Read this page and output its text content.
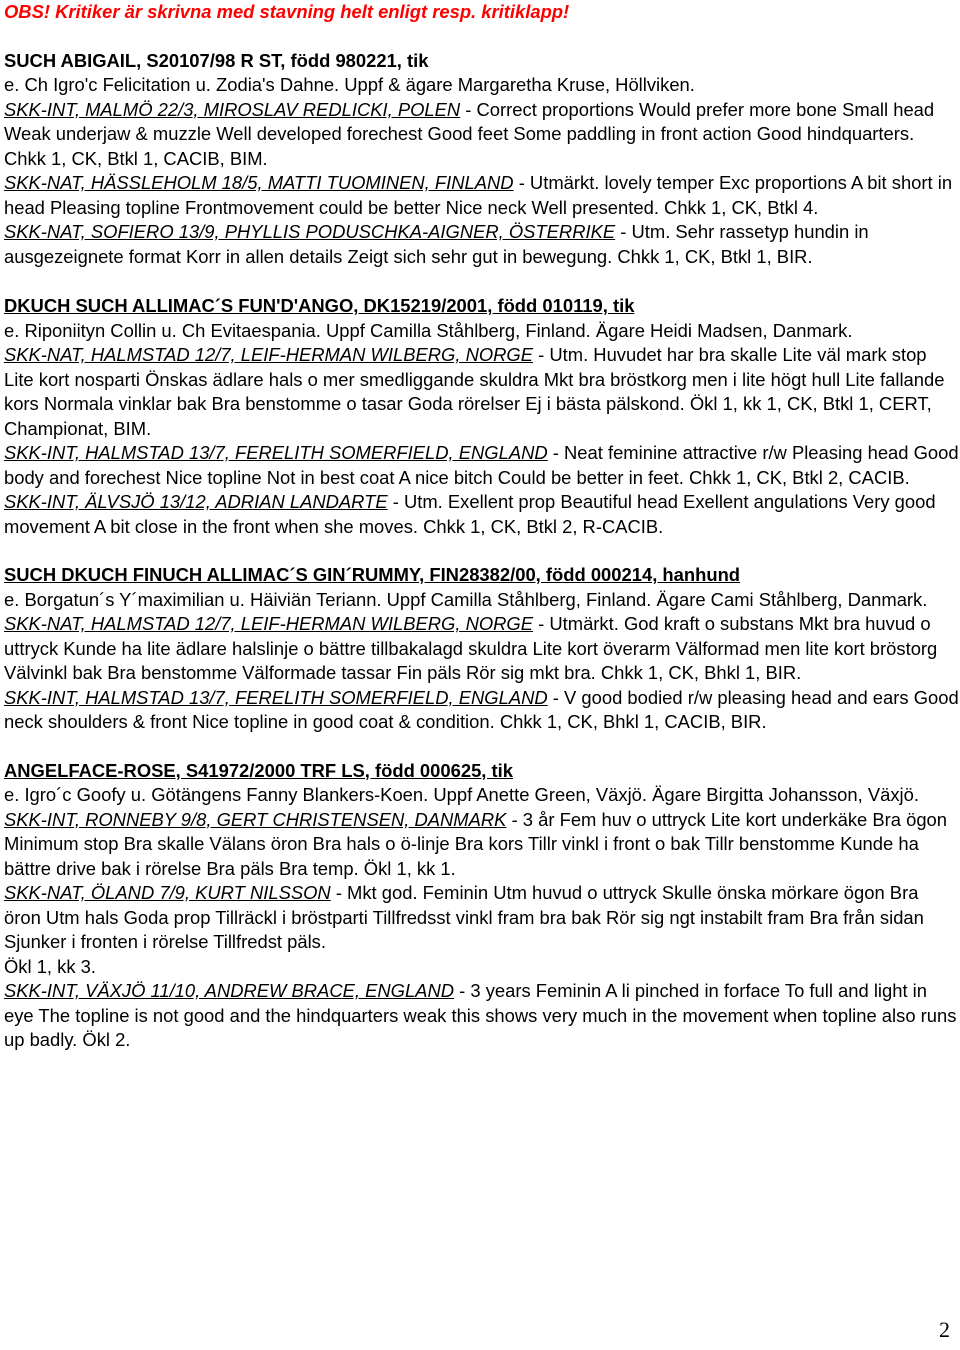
OBS! Kritiker är skrivna med stavning helt enligt resp. kritiklapp!

SUCH ABIGAIL, S20107/98 R ST, född 980221, tik

e. Ch Igro'c Felicitation u. Zodia's Dahne. Uppf & ägare Margaretha Kruse, Höllviken.

SKK-INT, MALMÖ 22/3, MIROSLAV REDLICKI, POLEN - Correct proportions Would prefer more bone Small head Weak underjaw & muzzle Well developed forechest Good feet Some paddling in front action Good hindquarters. Chkk 1, CK, Btkl 1, CACIB, BIM.

SKK-NAT, HÄSSLEHOLM 18/5, MATTI TUOMINEN, FINLAND - Utmärkt. lovely temper Exc proportions A bit short in head Pleasing topline Frontmovement could be better Nice neck Well presented. Chkk 1, CK, Btkl 4.

SKK-NAT, SOFIERO 13/9, PHYLLIS PODUSCHKA-AIGNER, ÖSTERRIKE - Utm. Sehr rassetyp hundin in ausgezeignete format Korr in allen details Zeigt sich sehr gut in bewegung. Chkk 1, CK, Btkl 1, BIR.

DKUCH SUCH ALLIMAC´S FUN'D'ANGO, DK15219/2001, född 010119, tik

e. Riponiityn Collin u. Ch Evitaespania. Uppf Camilla Ståhlberg, Finland. Ägare Heidi Madsen, Danmark.

SKK-NAT, HALMSTAD 12/7, LEIF-HERMAN WILBERG, NORGE - Utm. Huvudet har bra skalle Lite väl mark stop Lite kort nosparti Önskas ädlare hals o mer smedliggande skuldra Mkt bra bröstkorg men i lite högt hull Lite fallande kors Normala vinklar bak Bra benstomme o tasar Goda rörelser Ej i bästa pälskond. Ökl 1, kk 1, CK, Btkl 1, CERT, Championat, BIM.

SKK-INT, HALMSTAD 13/7, FERELITH SOMERFIELD, ENGLAND - Neat feminine attractive r/w Pleasing head Good body and forechest Nice topline Not in best coat A nice bitch Could be better in feet. Chkk 1, CK, Btkl 2, CACIB.

SKK-INT, ÄLVSJÖ 13/12, ADRIAN LANDARTE - Utm. Exellent prop Beautiful head Exellent angulations Very good movement A bit close in the front when she moves. Chkk 1, CK, Btkl 2, R-CACIB.

SUCH DKUCH FINUCH ALLIMAC´S GIN´RUMMY, FIN28382/00, född 000214, hanhund

e. Borgatun´s Y´maximilian u. Häiviän Teriann. Uppf Camilla Ståhlberg, Finland. Ägare Cami Ståhlberg, Danmark.

SKK-NAT, HALMSTAD 12/7, LEIF-HERMAN WILBERG, NORGE - Utmärkt. God kraft o substans Mkt bra huvud o uttryck Kunde ha lite ädlare halslinje o bättre tillbakalagd skuldra Lite kort överarm Välformad men lite kort bröstorg Välvinkl bak Bra benstomme Välformade tassar Fin päls Rör sig mkt bra. Chkk 1, CK, Bhkl 1, BIR.

SKK-INT, HALMSTAD 13/7, FERELITH SOMERFIELD, ENGLAND - V good bodied r/w pleasing head and ears Good neck shoulders & front Nice topline in good coat & condition. Chkk 1, CK, Bhkl 1, CACIB, BIR.

ANGELFACE-ROSE, S41972/2000 TRF LS, född 000625, tik

e. Igro´c Goofy u. Götängens Fanny Blankers-Koen. Uppf Anette Green, Växjö. Ägare Birgitta Johansson, Växjö.

SKK-INT, RONNEBY 9/8, GERT CHRISTENSEN, DANMARK - 3 år Fem huv o uttryck Lite kort underkäke Bra ögon Minimum stop Bra skalle Välans öron Bra hals o ö-linje Bra kors Tillr vinkl i front o bak Tillr benstomme Kunde ha bättre drive bak i rörelse Bra päls Bra temp. Ökl 1, kk 1.

SKK-NAT, ÖLAND 7/9, KURT NILSSON - Mkt god. Feminin Utm huvud o uttryck Skulle önska mörkare ögon Bra öron Utm hals Goda prop Tillräckl i bröstparti Tillfredsst vinkl fram bra bak Rör sig ngt instabilt fram Bra från sidan Sjunker i fronten i rörelse Tillfredst päls.

Ökl 1, kk 3.

SKK-INT, VÄXJÖ 11/10, ANDREW BRACE, ENGLAND - 3 years Feminin A li pinched in forface To full and light in eye The topline is not good and the hindquarters weak this shows very much in the movement when topline also runs up badly. Ökl 2.

2
